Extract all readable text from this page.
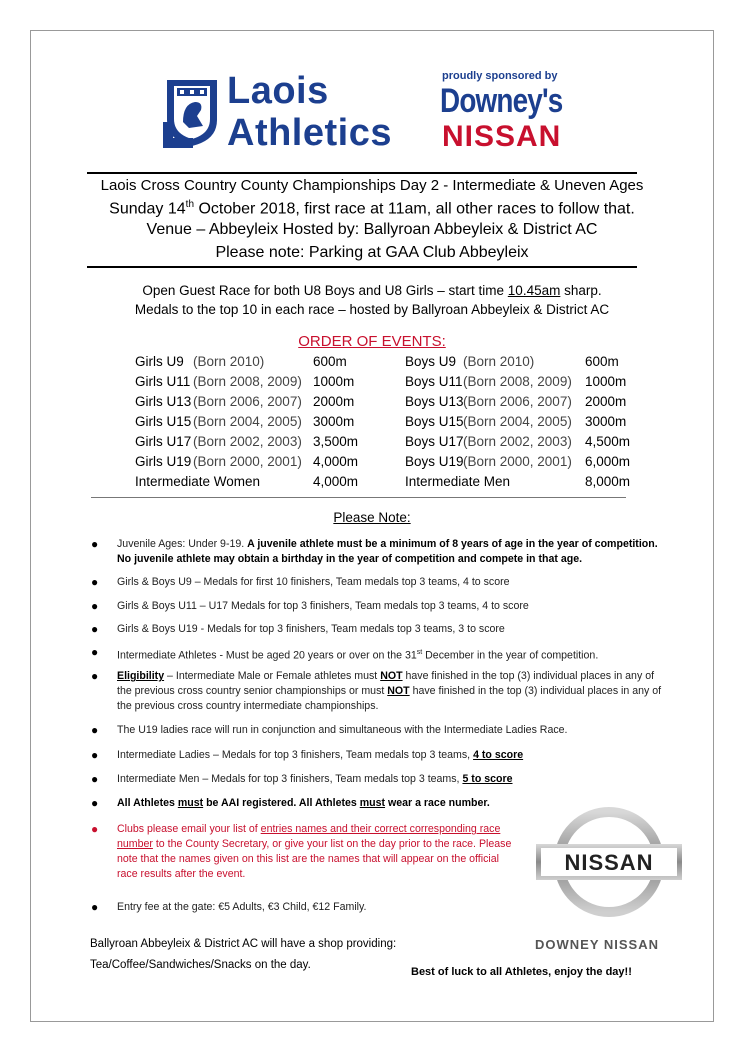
Laois
Athletics
proudly sponsored by
Downey's
NISSAN
Laois Cross Country County Championships Day 2 - Intermediate & Uneven Ages
Sunday 14th October 2018, first race at 11am, all other races to follow that.
Venue – Abbeyleix Hosted by: Ballyroan Abbeyleix & District AC
Please note: Parking at GAA Club Abbeyleix
Open Guest Race for both U8 Boys and U8 Girls – start time 10.45am sharp.
Medals to the top 10 in each race – hosted by Ballyroan Abbeyleix & District AC
ORDER OF EVENTS:
Girls U9 (Born 2010)	600m
Girls U11 (Born 2008, 2009) 1000m
Girls U13 (Born 2006, 2007) 2000m
Girls U15 (Born 2004, 2005) 3000m
Girls U17 (Born 2002, 2003) 3,500m
Girls U19 (Born 2000, 2001) 4,000m
Intermediate Women	4,000m
Boys U9 (Born 2010)	600m
Boys U11 (Born 2008, 2009) 1000m
Boys U13 (Born 2006, 2007) 2000m
Boys U15 (Born 2004, 2005) 3000m
Boys U17 (Born 2002, 2003) 4,500m
Boys U19 (Born 2000, 2001) 6,000m
Intermediate Men	8,000m
Please Note:
● Juvenile Ages: Under 9-19. A juvenile athlete must be a minimum of 8 years of age in the year of competition. No juvenile athlete may obtain a birthday in the year of competition and compete in that age.
● Girls & Boys U9 – Medals for first 10 finishers, Team medals top 3 teams, 4 to score
● Girls & Boys U11 – U17 Medals for top 3 finishers, Team medals top 3 teams, 4 to score
● Girls & Boys U19 - Medals for top 3 finishers, Team medals top 3 teams, 3 to score
● Intermediate Athletes - Must be aged 20 years or over on the 31st December in the year of competition.
● Eligibility – Intermediate Male or Female athletes must NOT have finished in the top (3) individual places in any of the previous cross country senior championships or must NOT have finished in the top (3) individual places in any of the previous cross country intermediate championships.
● The U19 ladies race will run in conjunction and simultaneous with the Intermediate Ladies Race.
● Intermediate Ladies – Medals for top 3 finishers, Team medals top 3 teams, 4 to score
● Intermediate Men – Medals for top 3 finishers, Team medals top 3 teams, 5 to score
● All Athletes must be AAI registered. All Athletes must wear a race number.
● Clubs please email your list of entries names and their correct corresponding race number to the County Secretary, or give your list on the day prior to the race. Please note that the names given on this list are the names that will appear on the official race results after the event.
● Entry fee at the gate: €5 Adults, €3 Child, €12 Family.
NISSAN
DOWNEY NISSAN
Ballyroan Abbeyleix & District AC will have a shop providing:
Tea/Coffee/Sandwiches/Snacks on the day.
Best of luck to all Athletes, enjoy the day!!
